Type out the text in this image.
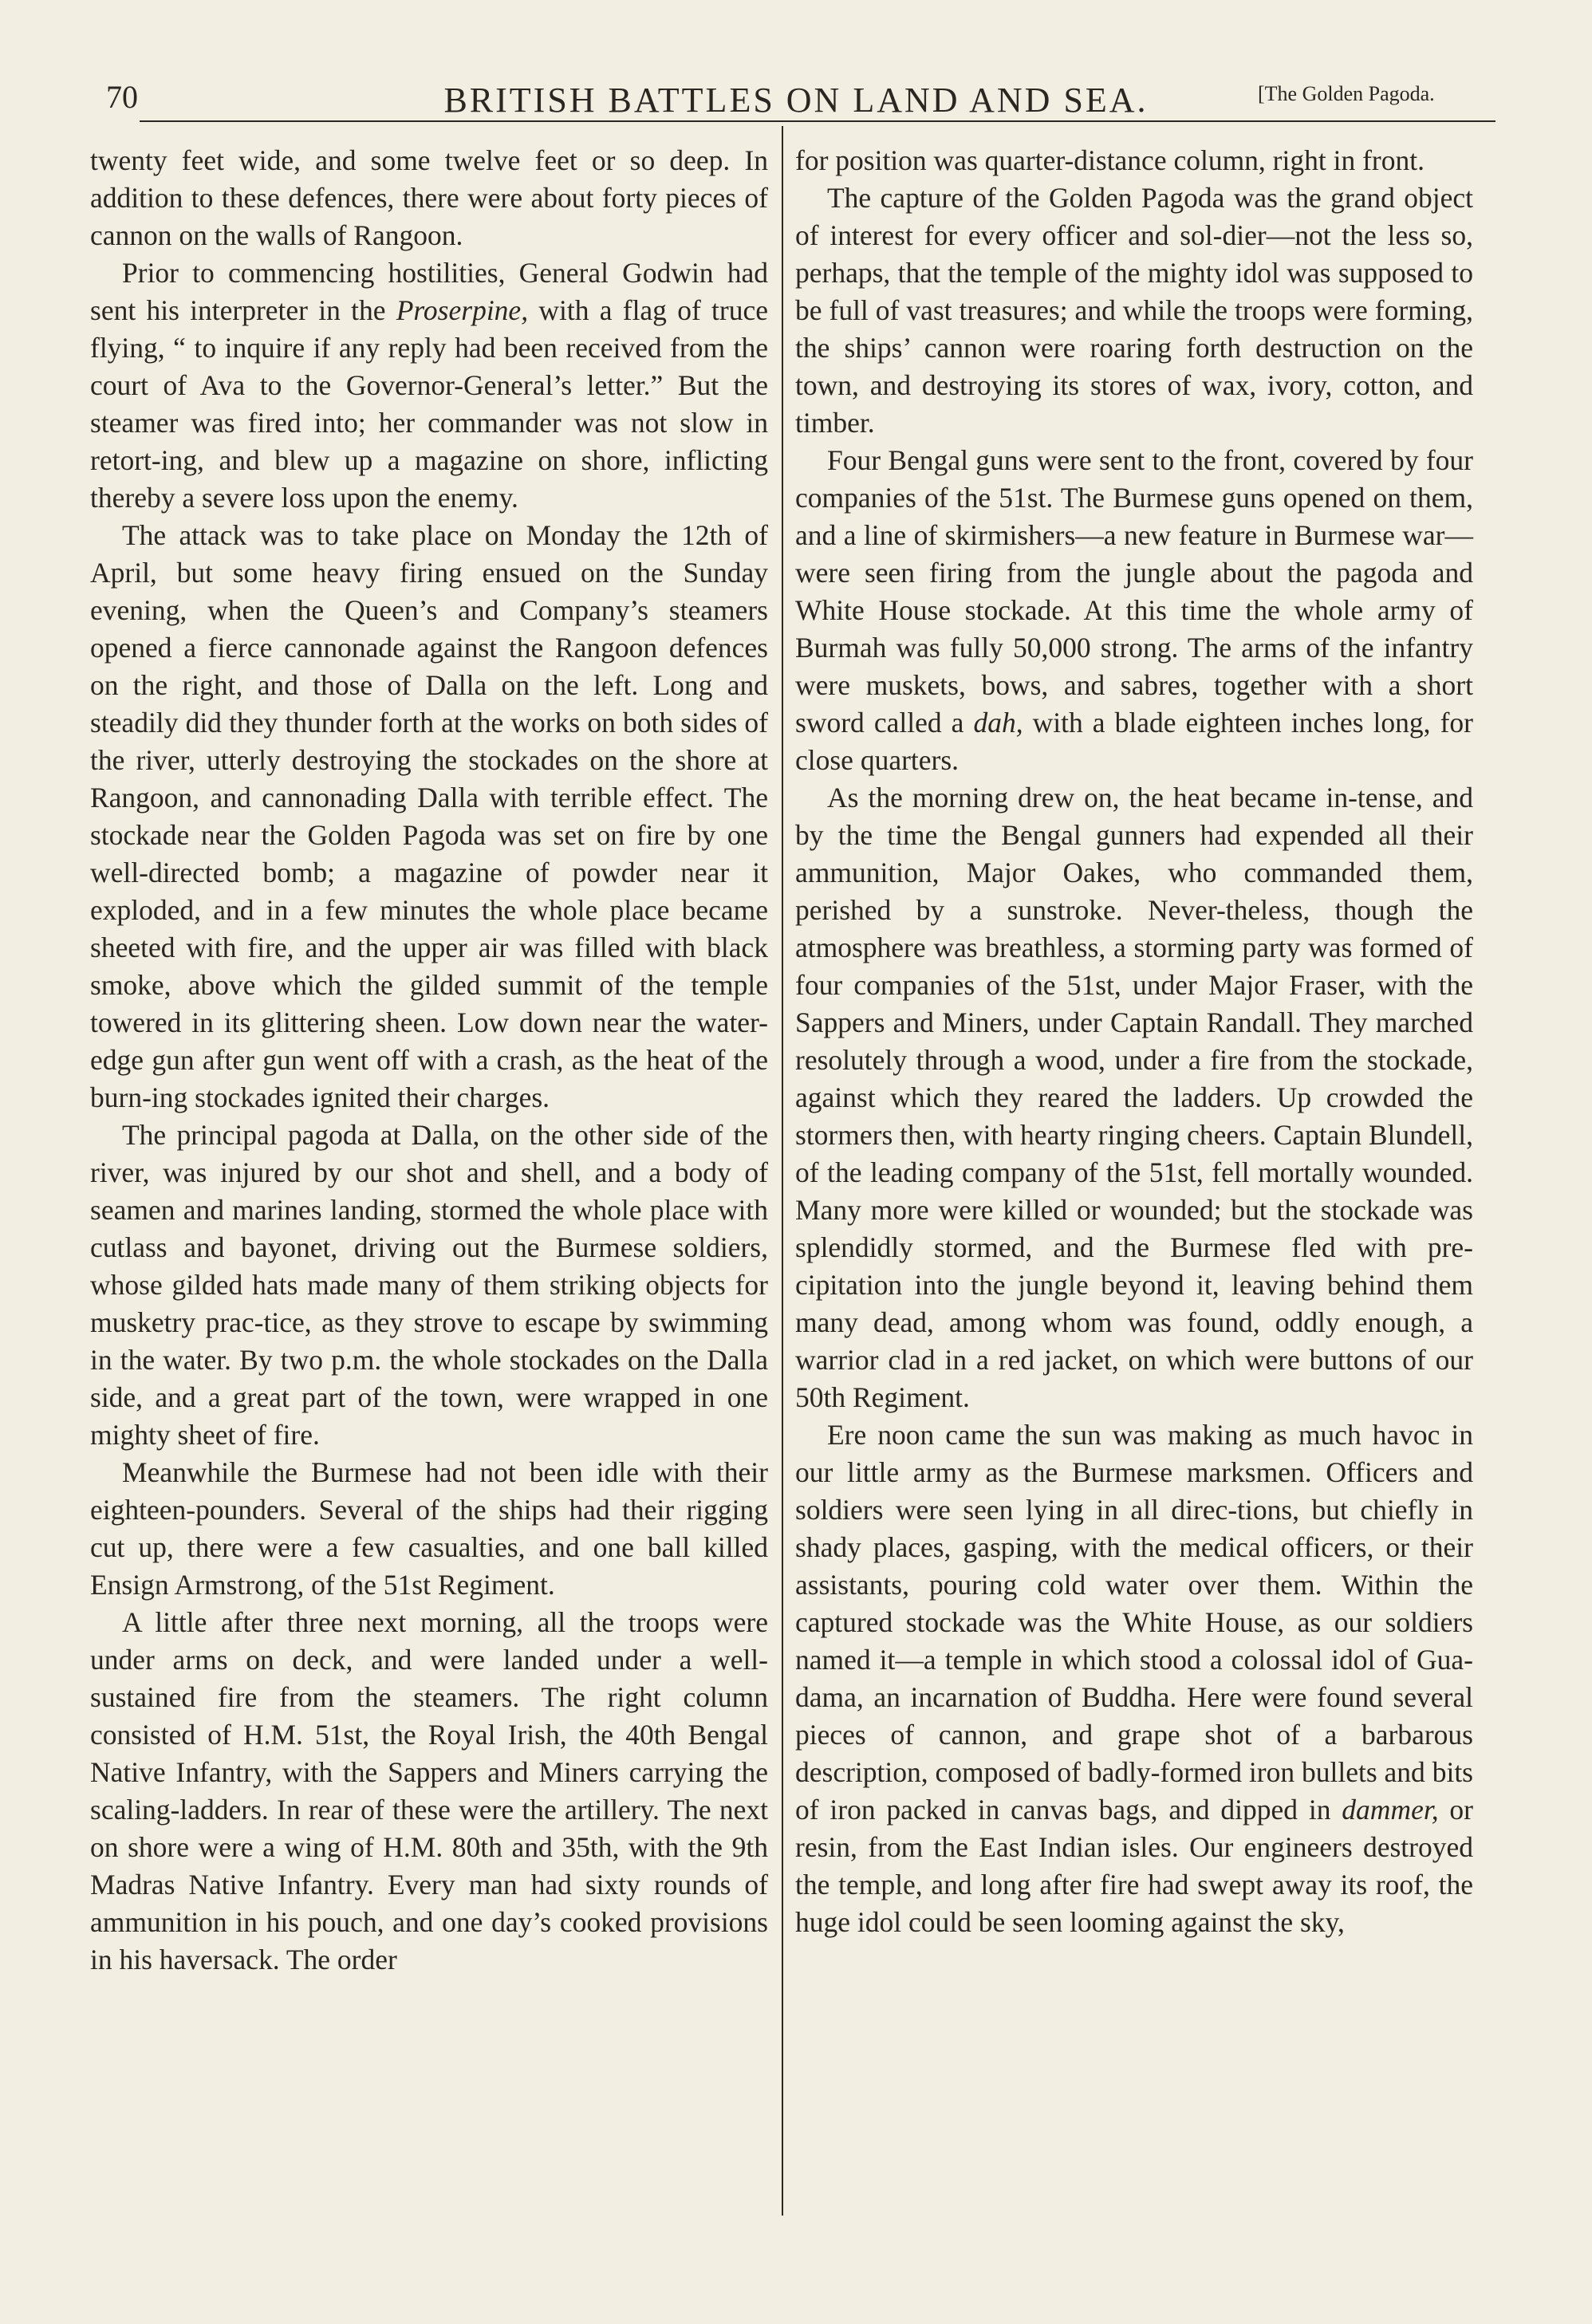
70	BRITISH BATTLES ON LAND AND SEA.	[The Golden Pagoda.

twenty feet wide, and some twelve feet or so deep. In addition to these defences, there were about forty pieces of cannon on the walls of Rangoon.

Prior to commencing hostilities, General Godwin had sent his interpreter in the Proserpine, with a flag of truce flying, “ to inquire if any reply had been received from the court of Ava to the Governor-General’s letter.” But the steamer was fired into; her commander was not slow in retort-ing, and blew up a magazine on shore, inflicting thereby a severe loss upon the enemy.

The attack was to take place on Monday the 12th of April, but some heavy firing ensued on the Sunday evening, when the Queen’s and Company’s steamers opened a fierce cannonade against the Rangoon defences on the right, and those of Dalla on the left. Long and steadily did they thunder forth at the works on both sides of the river, utterly destroying the stockades on the shore at Rangoon, and cannonading Dalla with terrible effect. The stockade near the Golden Pagoda was set on fire by one well-directed bomb; a magazine of powder near it exploded, and in a few minutes the whole place became sheeted with fire, and the upper air was filled with black smoke, above which the gilded summit of the temple towered in its glittering sheen. Low down near the water-edge gun after gun went off with a crash, as the heat of the burn-ing stockades ignited their charges.

The principal pagoda at Dalla, on the other side of the river, was injured by our shot and shell, and a body of seamen and marines landing, stormed the whole place with cutlass and bayonet, driving out the Burmese soldiers, whose gilded hats made many of them striking objects for musketry prac-tice, as they strove to escape by swimming in the water. By two p.m. the whole stockades on the Dalla side, and a great part of the town, were wrapped in one mighty sheet of fire.

Meanwhile the Burmese had not been idle with their eighteen-pounders. Several of the ships had their rigging cut up, there were a few casualties, and one ball killed Ensign Armstrong, of the 51st Regiment.

A little after three next morning, all the troops were under arms on deck, and were landed under a well-sustained fire from the steamers. The right column consisted of H.M. 51st, the Royal Irish, the 40th Bengal Native Infantry, with the Sappers and Miners carrying the scaling-ladders. In rear of these were the artillery. The next on shore were a wing of H.M. 80th and 35th, with the 9th Madras Native Infantry. Every man had sixty rounds of ammunition in his pouch, and one day’s cooked provisions in his haversack. The order

for position was quarter-distance column, right in front.

The capture of the Golden Pagoda was the grand object of interest for every officer and sol-dier—not the less so, perhaps, that the temple of the mighty idol was supposed to be full of vast treasures; and while the troops were forming, the ships’ cannon were roaring forth destruction on the town, and destroying its stores of wax, ivory, cotton, and timber.

Four Bengal guns were sent to the front, covered by four companies of the 51st. The Burmese guns opened on them, and a line of skirmishers—a new feature in Burmese war—were seen firing from the jungle about the pagoda and White House stockade. At this time the whole army of Burmah was fully 50,000 strong. The arms of the infantry were muskets, bows, and sabres, together with a short sword called a dah, with a blade eighteen inches long, for close quarters.

As the morning drew on, the heat became in-tense, and by the time the Bengal gunners had expended all their ammunition, Major Oakes, who commanded them, perished by a sunstroke. Never-theless, though the atmosphere was breathless, a storming party was formed of four companies of the 51st, under Major Fraser, with the Sappers and Miners, under Captain Randall. They marched resolutely through a wood, under a fire from the stockade, against which they reared the ladders. Up crowded the stormers then, with hearty ringing cheers. Captain Blundell, of the leading company of the 51st, fell mortally wounded. Many more were killed or wounded; but the stockade was splendidly stormed, and the Burmese fled with pre-cipitation into the jungle beyond it, leaving behind them many dead, among whom was found, oddly enough, a warrior clad in a red jacket, on which were buttons of our 50th Regiment.

Ere noon came the sun was making as much havoc in our little army as the Burmese marksmen. Officers and soldiers were seen lying in all direc-tions, but chiefly in shady places, gasping, with the medical officers, or their assistants, pouring cold water over them. Within the captured stockade was the White House, as our soldiers named it—a temple in which stood a colossal idol of Gua-dama, an incarnation of Buddha. Here were found several pieces of cannon, and grape shot of a barbarous description, composed of badly-formed iron bullets and bits of iron packed in canvas bags, and dipped in dammer, or resin, from the East Indian isles. Our engineers destroyed the temple, and long after fire had swept away its roof, the huge idol could be seen looming against the sky,
